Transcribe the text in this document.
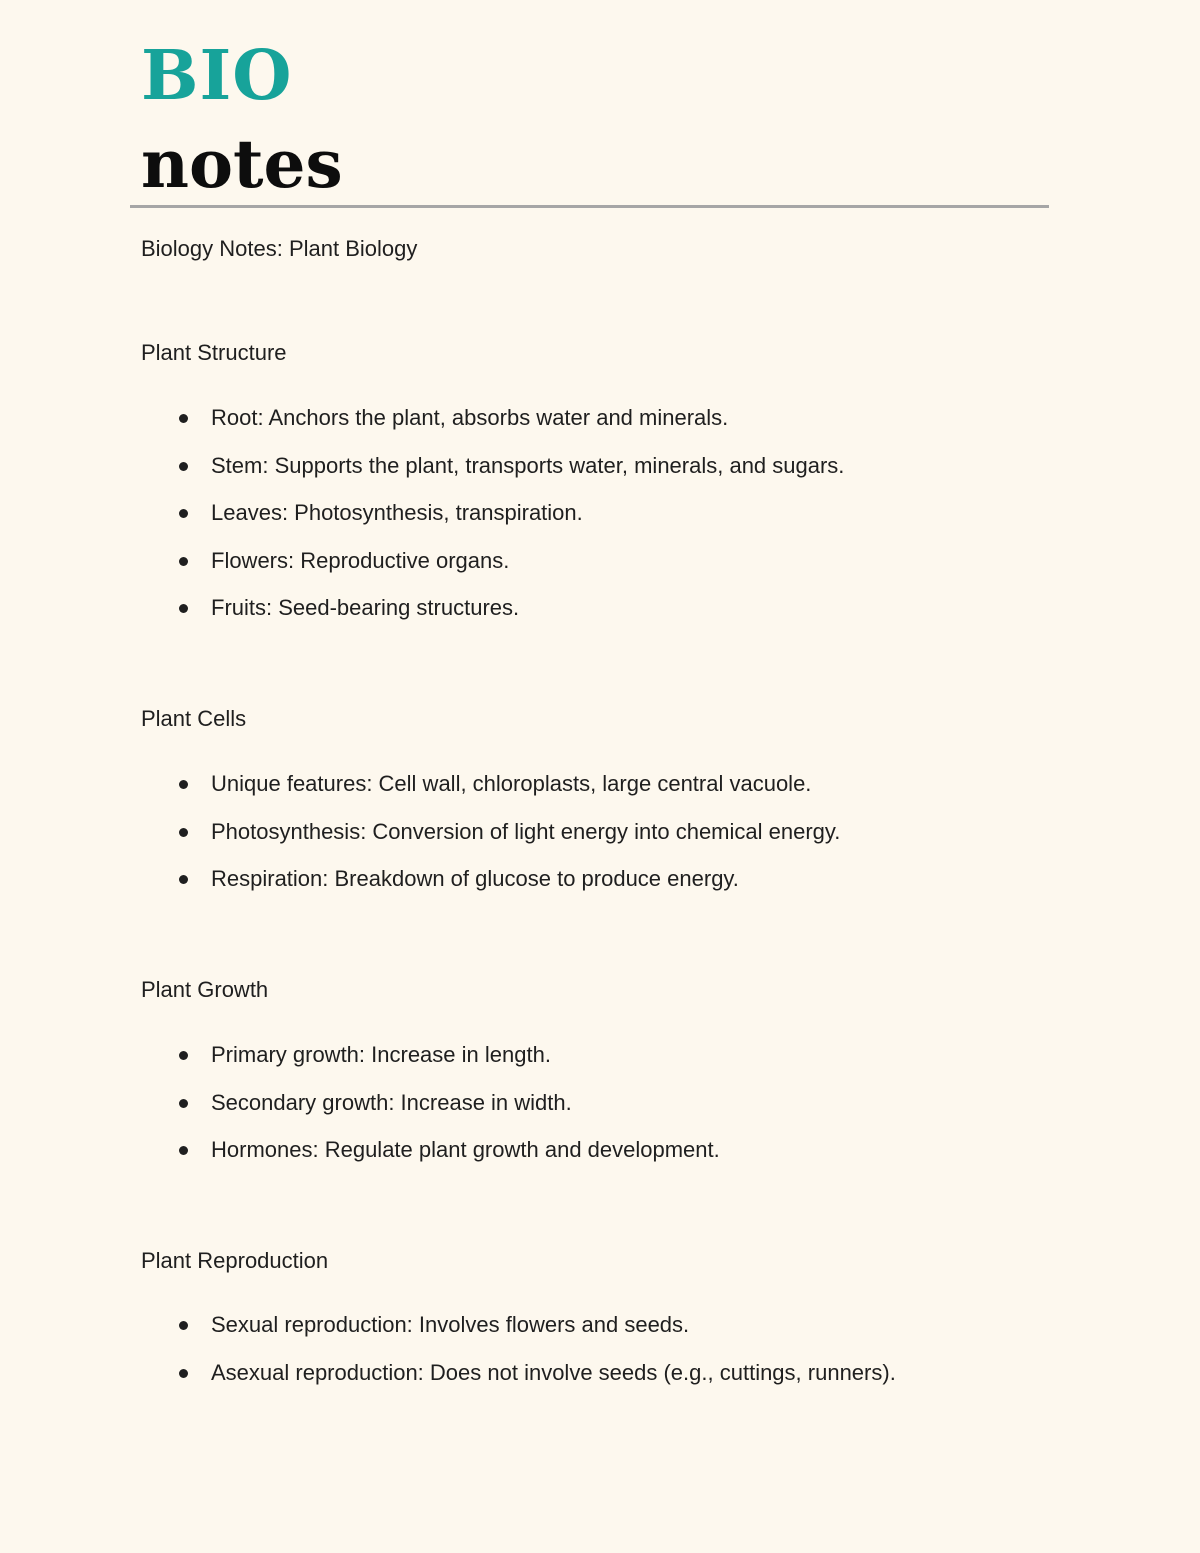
BIO
notes
Biology Notes: Plant Biology
Plant Structure
Root: Anchors the plant, absorbs water and minerals.
Stem: Supports the plant, transports water, minerals, and sugars.
Leaves: Photosynthesis, transpiration.
Flowers: Reproductive organs.
Fruits: Seed-bearing structures.
Plant Cells
Unique features: Cell wall, chloroplasts, large central vacuole.
Photosynthesis: Conversion of light energy into chemical energy.
Respiration: Breakdown of glucose to produce energy.
Plant Growth
Primary growth: Increase in length.
Secondary growth: Increase in width.
Hormones: Regulate plant growth and development.
Plant Reproduction
Sexual reproduction: Involves flowers and seeds.
Asexual reproduction: Does not involve seeds (e.g., cuttings, runners).
